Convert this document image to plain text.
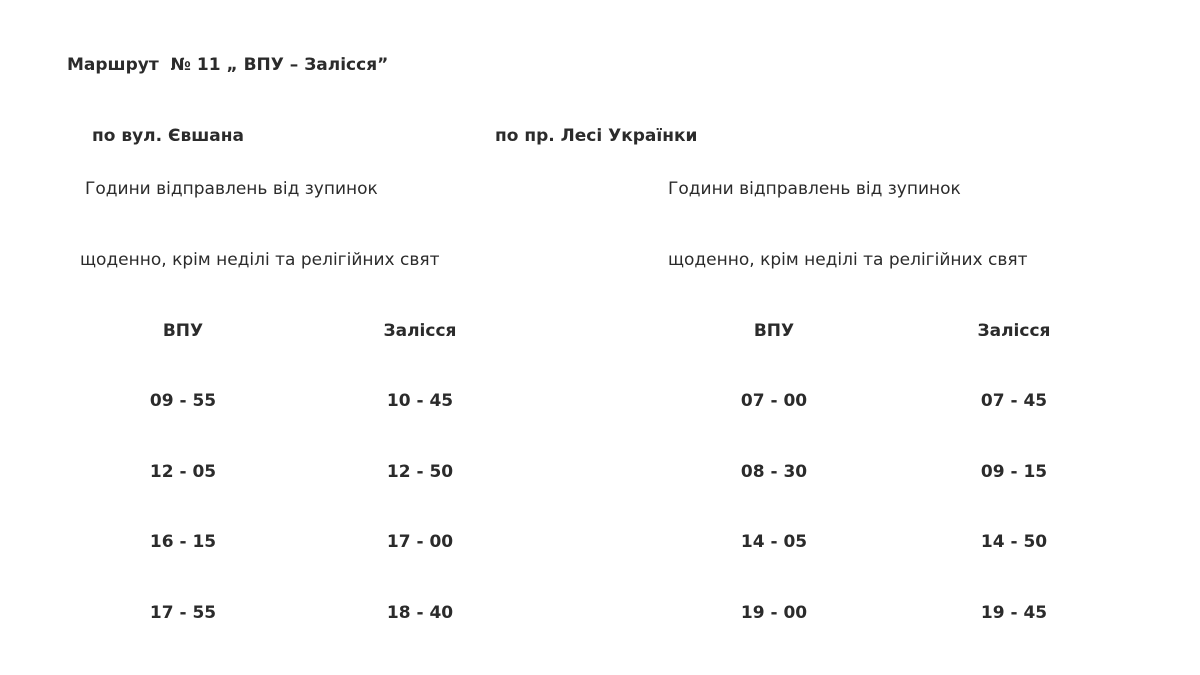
Маршрут  № 11 „ ВПУ – Залісся”
по вул. Євшана
Години відправлень від зупинок
щоденно, крім неділі та релігійних свят
ВПУ	Залісся
09 - 55	10 - 45
12 - 05	12 - 50
16 - 15	17 - 00
17 - 55	18 - 40
по пр. Лесі Українки
Години відправлень від зупинок
щоденно, крім неділі та релігійних свят
ВПУ	Залісся
07 - 00	07 - 45
08 - 30	09 - 15
14 - 05	14 - 50
19 - 00	19 - 45
